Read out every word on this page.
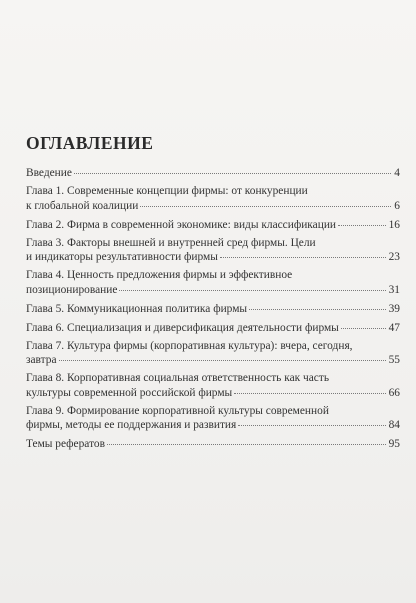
ОГЛАВЛЕНИЕ
Введение	4
Глава 1. Современные концепции фирмы: от конкуренции
к глобальной коалиции	6
Глава 2. Фирма в современной экономике: виды классификации	16
Глава 3. Факторы внешней и внутренней сред фирмы. Цели
и индикаторы результативности фирмы	23
Глава 4. Ценность предложения фирмы и эффективное
позиционирование	31
Глава 5. Коммуникационная политика фирмы	39
Глава 6. Специализация и диверсификация деятельности фирмы	47
Глава 7. Культура фирмы (корпоративная культура): вчера, сегодня,
завтра	55
Глава 8. Корпоративная социальная ответственность как часть
культуры современной российской фирмы	66
Глава 9. Формирование корпоративной культуры современной
фирмы, методы ее поддержания и развития	84
Темы рефератов	95
